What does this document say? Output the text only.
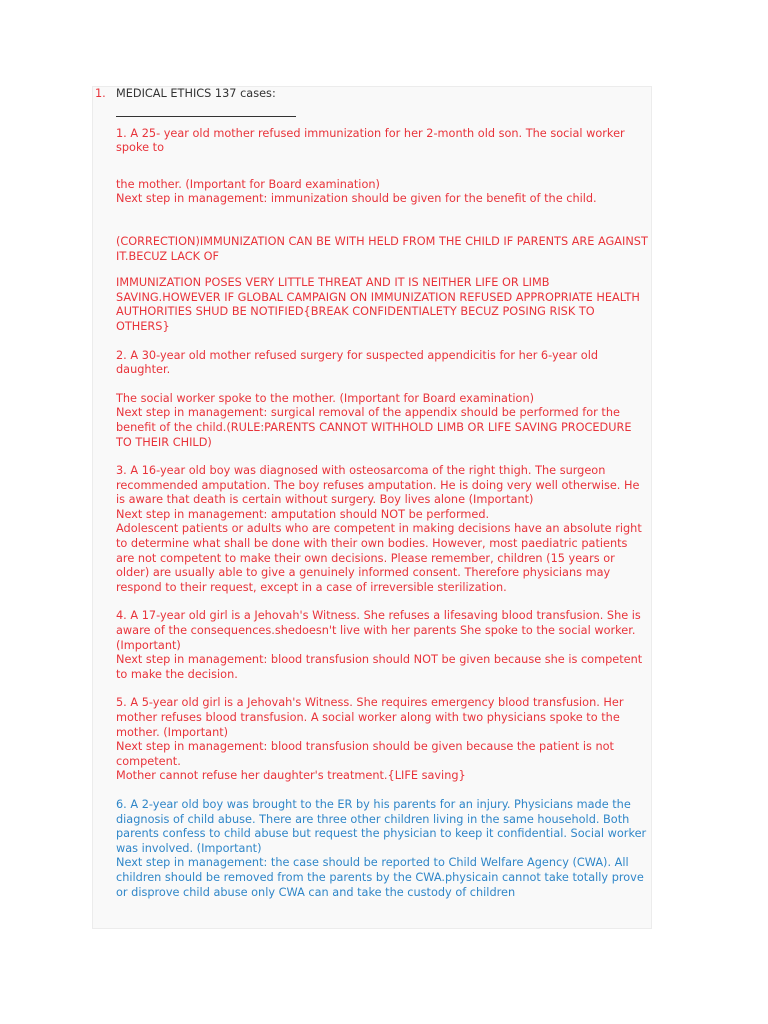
1. MEDICAL ETHICS 137 cases:

1. A 25- year old mother refused immunization for her 2-month old son. The social worker spoke to

the mother. (Important for Board examination)

Next step in management: immunization should be given for the benefit of the child.

(CORRECTION)IMMUNIZATION CAN BE WITH HELD FROM THE CHILD IF PARENTS ARE AGAINST IT.BECUZ LACK OF

IMMUNIZATION POSES VERY LITTLE THREAT AND IT IS NEITHER LIFE OR LIMB SAVING.HOWEVER IF GLOBAL CAMPAIGN ON IMMUNIZATION REFUSED APPROPRIATE HEALTH AUTHORITIES SHUD BE NOTIFIED{BREAK CONFIDENTIALETY BECUZ POSING RISK TO OTHERS}

2. A 30-year old mother refused surgery for suspected appendicitis for her 6-year old daughter.

The social worker spoke to the mother. (Important for Board examination)

Next step in management: surgical removal of the appendix should be performed for the benefit of the child.(RULE:PARENTS CANNOT WITHHOLD LIMB OR LIFE SAVING PROCEDURE TO THEIR CHILD)

3. A 16-year old boy was diagnosed with osteosarcoma of the right thigh. The surgeon recommended amputation. The boy refuses amputation. He is doing very well otherwise. He is aware that death is certain without surgery. Boy lives alone (Important)

Next step in management: amputation should NOT be performed.

Adolescent patients or adults who are competent in making decisions have an absolute right to determine what shall be done with their own bodies. However, most paediatric patients are not competent to make their own decisions. Please remember, children (15 years or older) are usually able to give a genuinely informed consent. Therefore physicians may respond to their request, except in a case of irreversible sterilization.

4. A 17-year old girl is a Jehovah's Witness. She refuses a lifesaving blood transfusion. She is aware of the consequences.shedoesn't live with her parents She spoke to the social worker. (Important)

Next step in management: blood transfusion should NOT be given because she is competent to make the decision.

5. A 5-year old girl is a Jehovah's Witness. She requires emergency blood transfusion. Her mother refuses blood transfusion. A social worker along with two physicians spoke to the mother. (Important)

Next step in management: blood transfusion should be given because the patient is not competent.

Mother cannot refuse her daughter's treatment.{LIFE saving}

6. A 2-year old boy was brought to the ER by his parents for an injury. Physicians made the diagnosis of child abuse. There are three other children living in the same household. Both parents confess to child abuse but request the physician to keep it confidential. Social worker was involved. (Important)

Next step in management: the case should be reported to Child Welfare Agency (CWA). All children should be removed from the parents by the CWA.physicain cannot take totally prove or disprove child abuse only CWA can and take the custody of children
